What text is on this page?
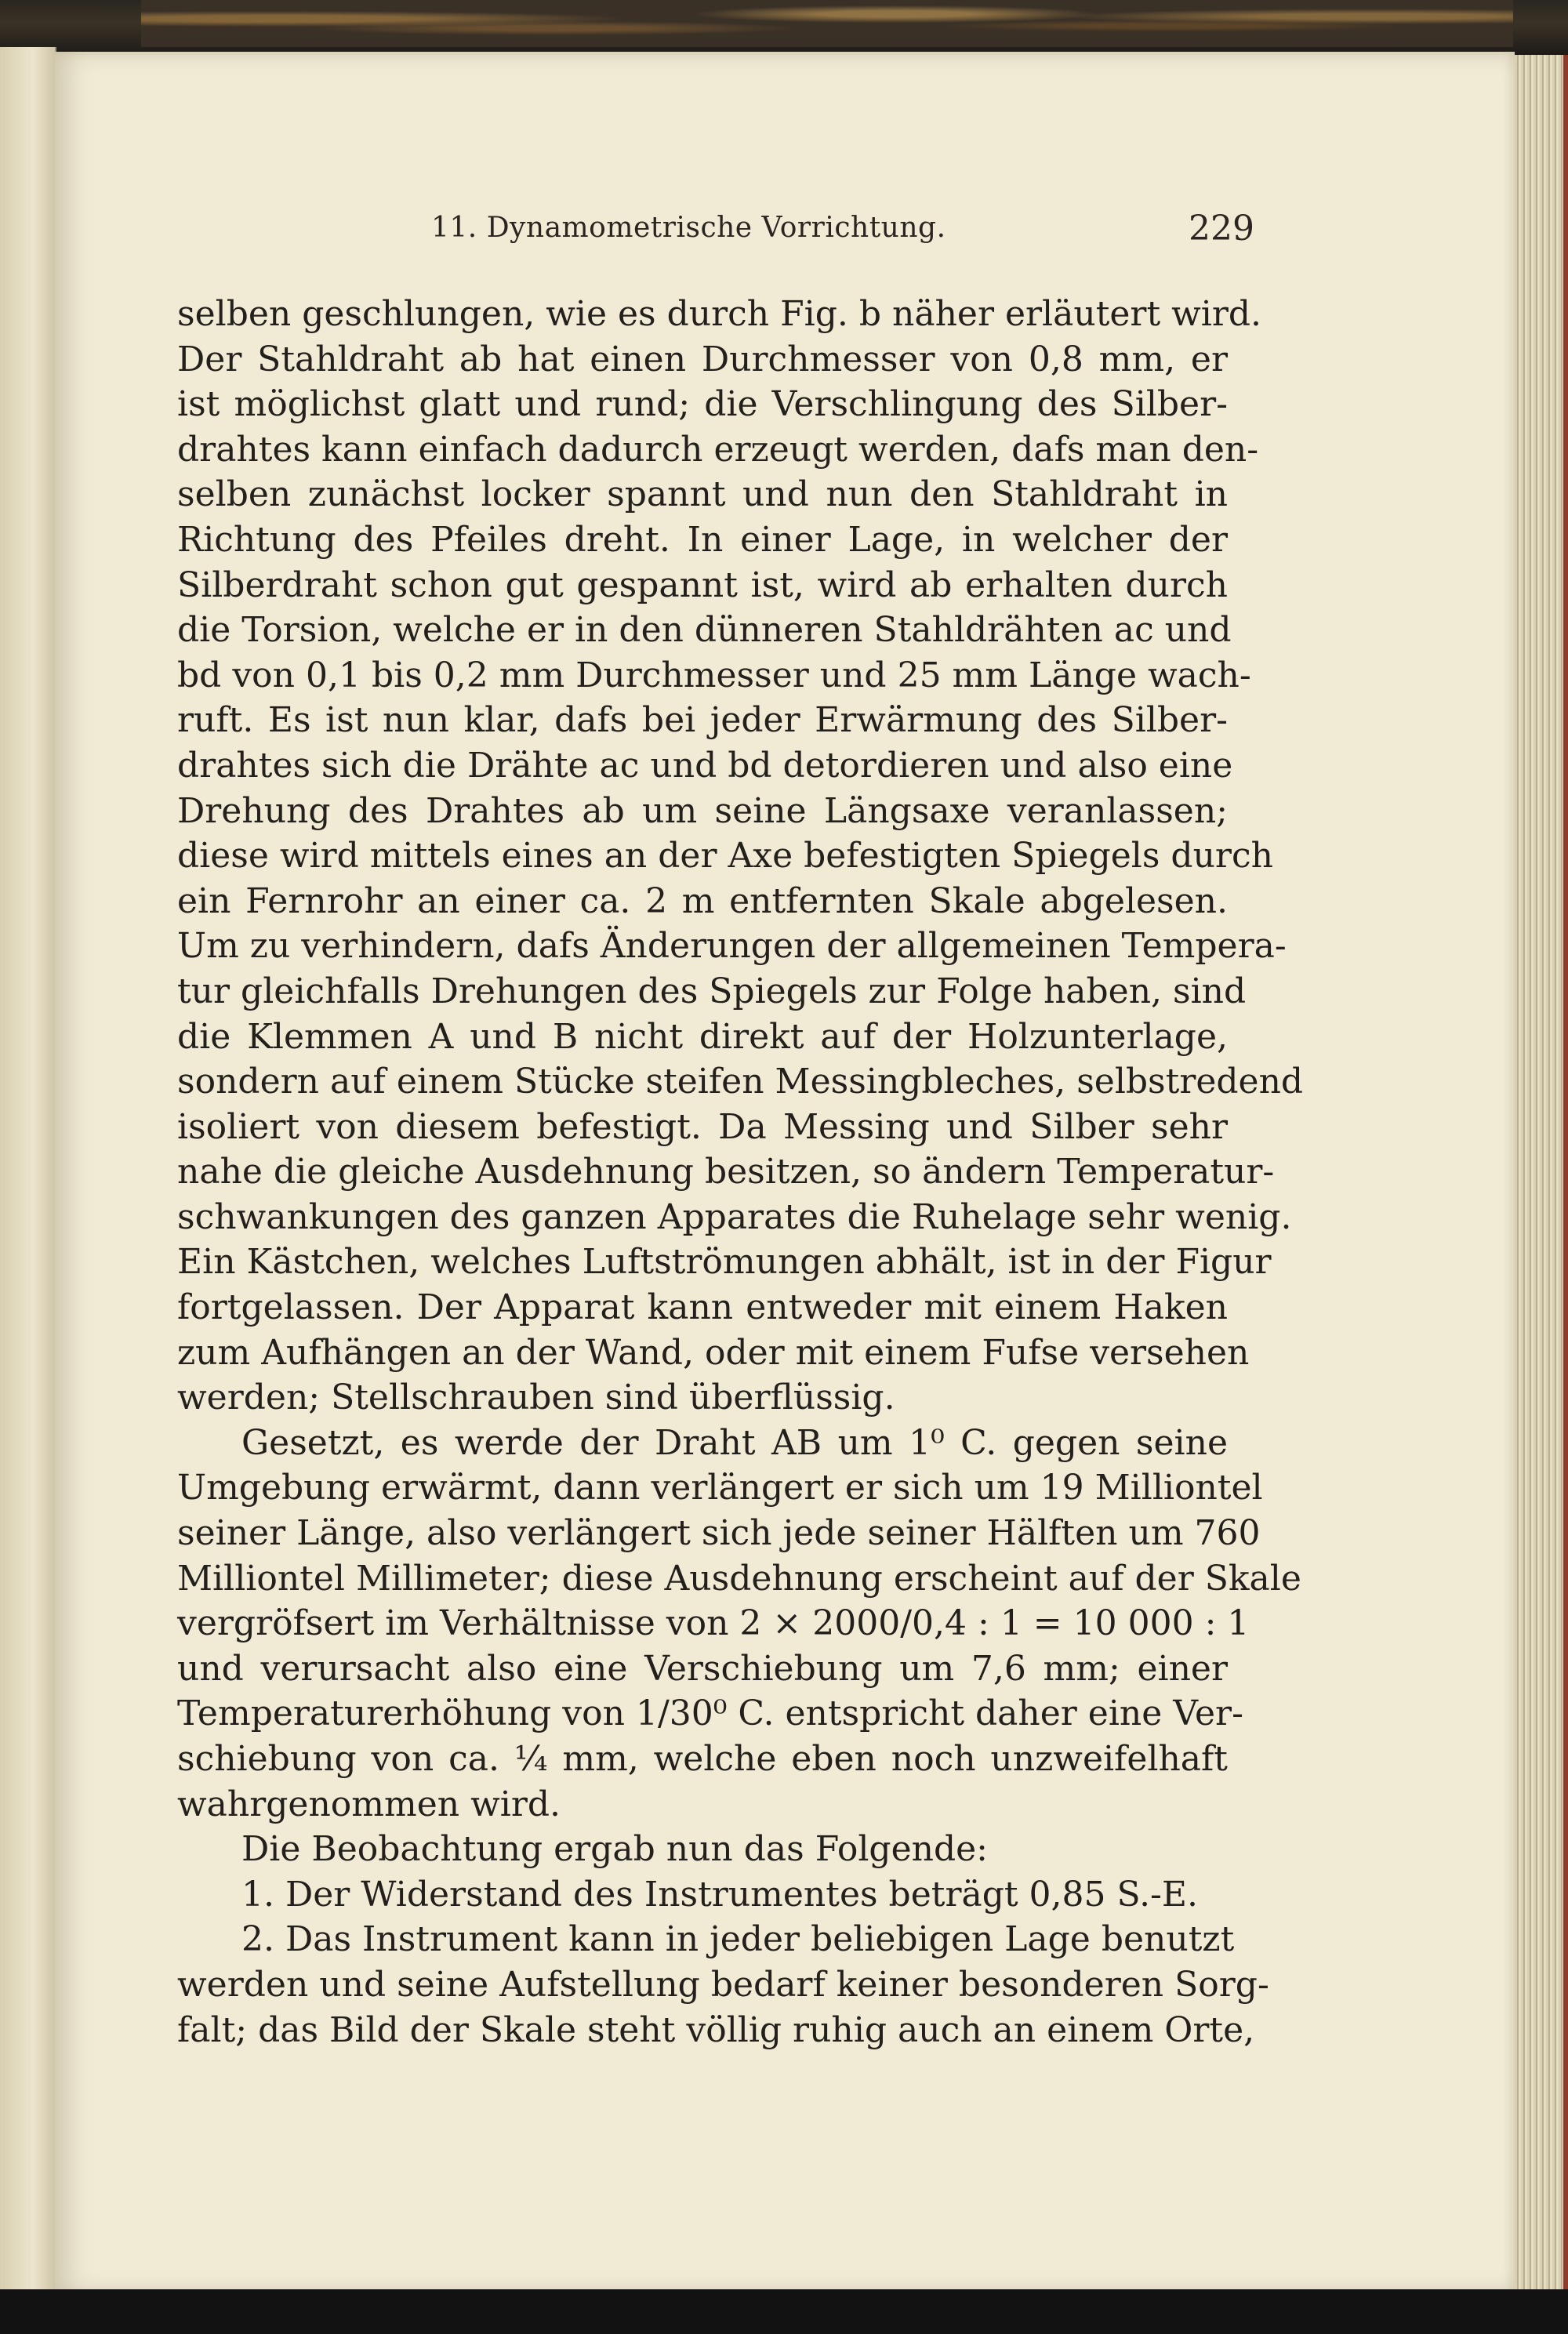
11. Dynamometrische Vorrichtung.	229
selben geschlungen, wie es durch Fig. b näher erläutert wird.
Der Stahldraht ab hat einen Durchmesser von 0,8 mm, er
ist möglichst glatt und rund; die Verschlingung des Silber-
drahtes kann einfach dadurch erzeugt werden, dafs man den-
selben zunächst locker spannt und nun den Stahldraht in
Richtung des Pfeiles dreht. In einer Lage, in welcher der
Silberdraht schon gut gespannt ist, wird ab erhalten durch
die Torsion, welche er in den dünneren Stahldrähten ac und
bd von 0,1 bis 0,2 mm Durchmesser und 25 mm Länge wach-
ruft. Es ist nun klar, dafs bei jeder Erwärmung des Silber-
drahtes sich die Drähte ac und bd detordieren und also eine
Drehung des Drahtes ab um seine Längsaxe veranlassen;
diese wird mittels eines an der Axe befestigten Spiegels durch
ein Fernrohr an einer ca. 2 m entfernten Skale abgelesen.
Um zu verhindern, dafs Änderungen der allgemeinen Tempera-
tur gleichfalls Drehungen des Spiegels zur Folge haben, sind
die Klemmen A und B nicht direkt auf der Holzunterlage,
sondern auf einem Stücke steifen Messingbleches, selbstredend
isoliert von diesem befestigt. Da Messing und Silber sehr
nahe die gleiche Ausdehnung besitzen, so ändern Temperatur-
schwankungen des ganzen Apparates die Ruhelage sehr wenig.
Ein Kästchen, welches Luftströmungen abhält, ist in der Figur
fortgelassen. Der Apparat kann entweder mit einem Haken
zum Aufhängen an der Wand, oder mit einem Fufse versehen
werden; Stellschrauben sind überflüssig.
Gesetzt, es werde der Draht AB um 1⁰ C. gegen seine
Umgebung erwärmt, dann verlängert er sich um 19 Milliontel
seiner Länge, also verlängert sich jede seiner Hälften um 760
Milliontel Millimeter; diese Ausdehnung erscheint auf der Skale
vergröfsert im Verhältnisse von 2 × 2000/0,4 : 1 = 10 000 : 1
und verursacht also eine Verschiebung um 7,6 mm; einer
Temperaturerhöhung von 1/30⁰ C. entspricht daher eine Ver-
schiebung von ca. ¼ mm, welche eben noch unzweifelhaft
wahrgenommen wird.
Die Beobachtung ergab nun das Folgende:
1. Der Widerstand des Instrumentes beträgt 0,85 S.-E.
2. Das Instrument kann in jeder beliebigen Lage benutzt
werden und seine Aufstellung bedarf keiner besonderen Sorg-
falt; das Bild der Skale steht völlig ruhig auch an einem Orte,
